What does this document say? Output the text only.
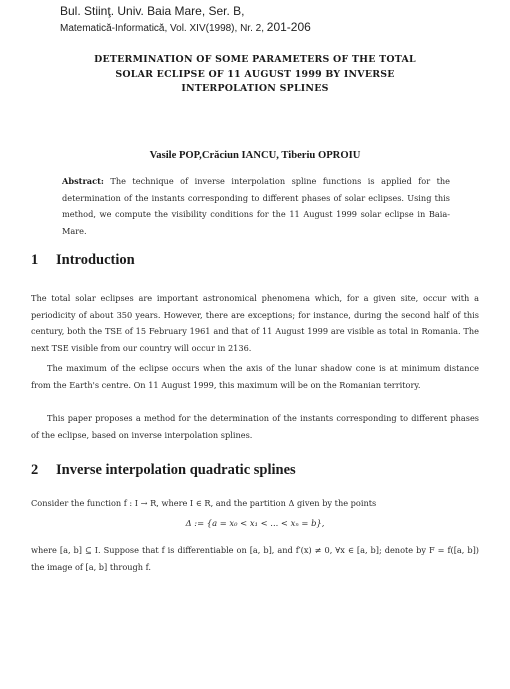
Bul. Stiinţ. Univ. Baia Mare, Ser. B,
Matematică-Informatică, Vol. XIV(1998), Nr. 2, 201-206
DETERMINATION OF SOME PARAMETERS OF THE TOTAL
SOLAR ECLIPSE OF 11 AUGUST 1999 BY INVERSE
INTERPOLATION SPLINES
Vasile POP,Crăciun IANCU, Tiberiu OPROIU
Abstract: The technique of inverse interpolation spline functions is applied for the determination of the instants corresponding to different phases of solar eclipses. Using this method, we compute the visibility conditions for the 11 August 1999 solar eclipse in Baia-Mare.
1 Introduction
The total solar eclipses are important astronomical phenomena which, for a given site, occur with a periodicity of about 350 years. However, there are exceptions; for instance, during the second half of this century, both the TSE of 15 February 1961 and that of 11 August 1999 are visible as total in Romania. The next TSE visible from our country will occur in 2136.
The maximum of the eclipse occurs when the axis of the lunar shadow cone is at minimum distance from the Earth's centre. On 11 August 1999, this maximum will be on the Romanian territory.
This paper proposes a method for the determination of the instants corresponding to different phases of the eclipse, based on inverse interpolation splines.
2 Inverse interpolation quadratic splines
Consider the function f : I → R, where I ∈ R, and the partition Δ given by the points
Δ := {a = x₀ < x₁ < ... < xₙ = b},
where [a, b] ⊆ I. Suppose that f is differentiable on [a, b], and f′(x) ≠ 0, ∀x ∈ [a, b]; denote by F = f([a, b]) the image of [a, b] through f.
